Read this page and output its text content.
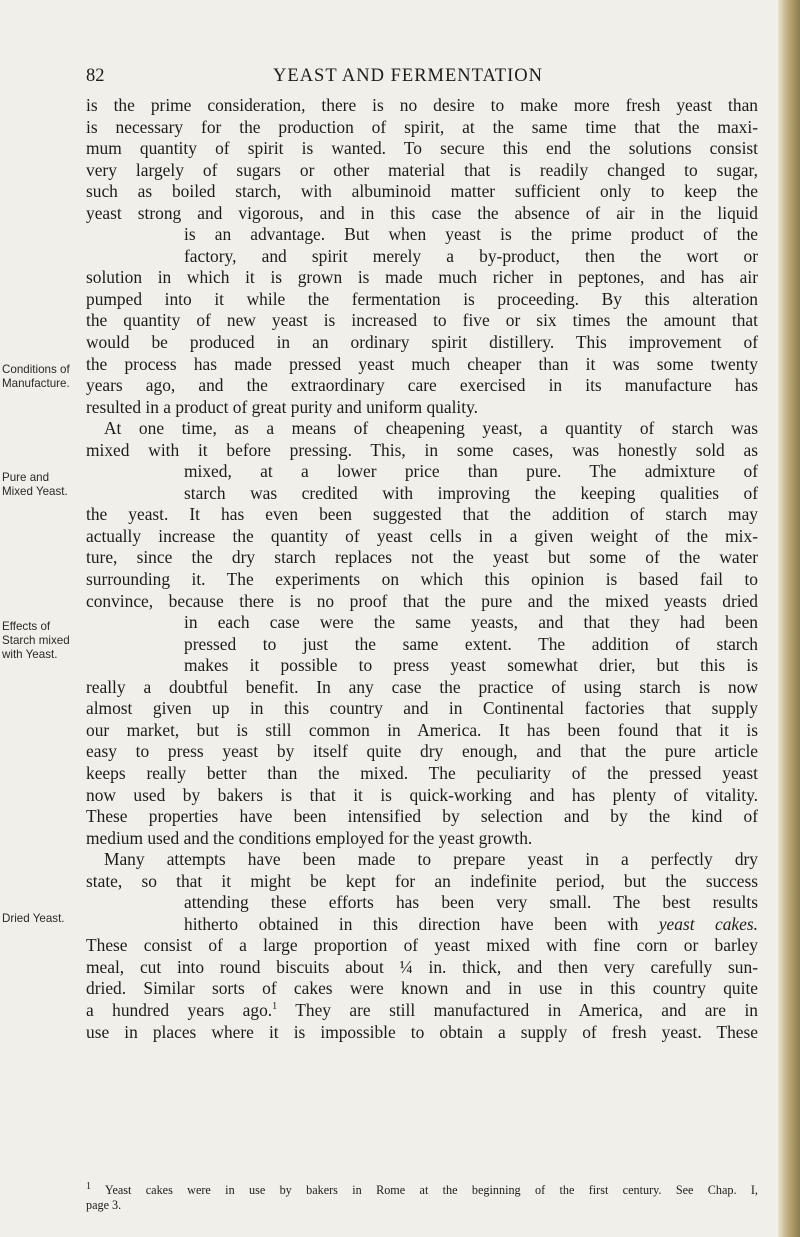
82	YEAST AND FERMENTATION
Conditions of
Manufacture.
Pure and
Mixed Yeast.
Effects of
Starch mixed
with Yeast.
Dried Yeast.
is the prime consideration, there is no desire to make more fresh yeast than
is necessary for the production of spirit, at the same time that the maxi-
mum quantity of spirit is wanted. To secure this end the solutions consist
very largely of sugars or other material that is readily changed to sugar,
such as boiled starch, with albuminoid matter sufficient only to keep the
yeast strong and vigorous, and in this case the absence of air in the liquid
is an advantage. But when yeast is the prime product of the
factory, and spirit merely a by-product, then the wort or
solution in which it is grown is made much richer in peptones, and has air
pumped into it while the fermentation is proceeding. By this alteration
the quantity of new yeast is increased to five or six times the amount that
would be produced in an ordinary spirit distillery. This improvement of
the process has made pressed yeast much cheaper than it was some twenty
years ago, and the extraordinary care exercised in its manufacture has
resulted in a product of great purity and uniform quality.
At one time, as a means of cheapening yeast, a quantity of starch was
mixed with it before pressing. This, in some cases, was honestly sold as
mixed, at a lower price than pure. The admixture of
starch was credited with improving the keeping qualities of
the yeast. It has even been suggested that the addition of starch may
actually increase the quantity of yeast cells in a given weight of the mix-
ture, since the dry starch replaces not the yeast but some of the water
surrounding it. The experiments on which this opinion is based fail to
convince, because there is no proof that the pure and the mixed yeasts dried
in each case were the same yeasts, and that they had been
pressed to just the same extent. The addition of starch
makes it possible to press yeast somewhat drier, but this is
really a doubtful benefit. In any case the practice of using starch is now
almost given up in this country and in Continental factories that supply
our market, but is still common in America. It has been found that it is
easy to press yeast by itself quite dry enough, and that the pure article
keeps really better than the mixed. The peculiarity of the pressed yeast
now used by bakers is that it is quick-working and has plenty of vitality.
These properties have been intensified by selection and by the kind of
medium used and the conditions employed for the yeast growth.
Many attempts have been made to prepare yeast in a perfectly dry
state, so that it might be kept for an indefinite period, but the success
attending these efforts has been very small. The best results
hitherto obtained in this direction have been with yeast cakes.
These consist of a large proportion of yeast mixed with fine corn or barley
meal, cut into round biscuits about ¼ in. thick, and then very carefully sun-
dried. Similar sorts of cakes were known and in use in this country quite
a hundred years ago.$^1$ They are still manufactured in America, and are in
use in places where it is impossible to obtain a supply of fresh yeast. These
$^1$ Yeast cakes were in use by bakers in Rome at the beginning of the first century. See Chap. I,
page 3.
